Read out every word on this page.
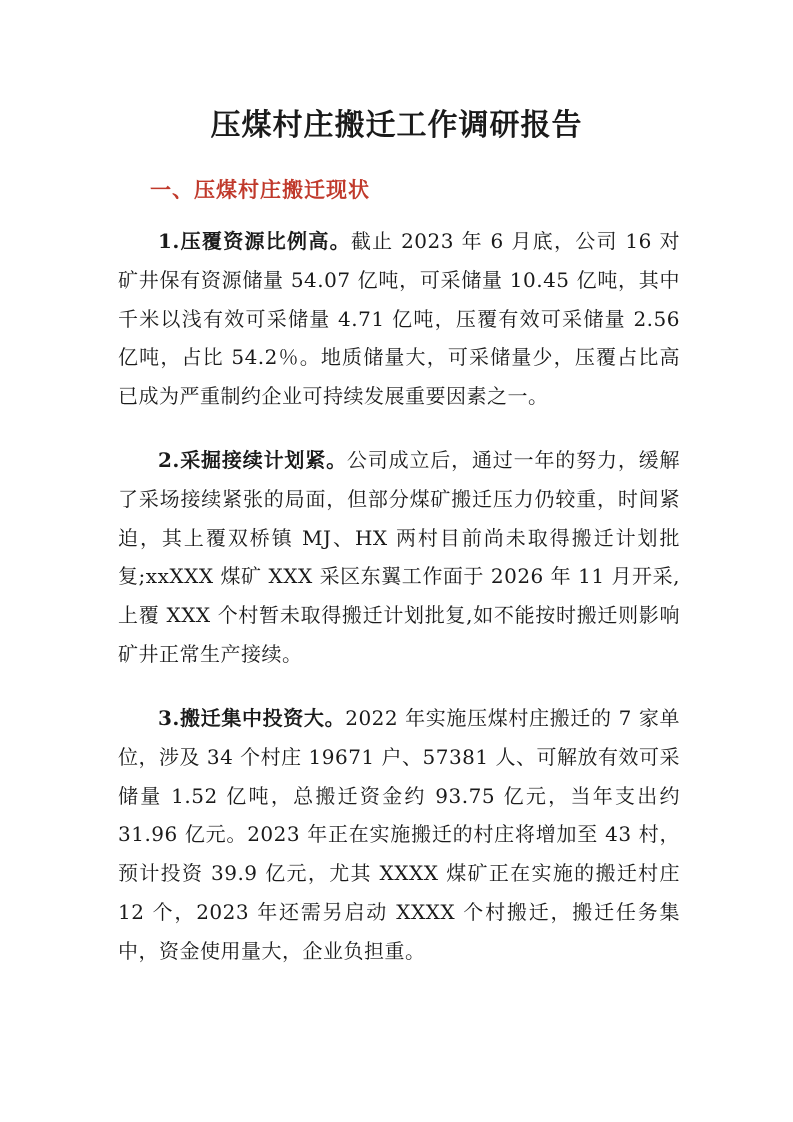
压煤村庄搬迁工作调研报告
一、压煤村庄搬迁现状

1.压覆资源比例高。截止 2023 年 6 月底，公司 16 对矿井保有资源储量 54.07 亿吨，可采储量 10.45 亿吨，其中千米以浅有效可采储量 4.71 亿吨，压覆有效可采储量 2.56 亿吨，占比 54.2％。地质储量大，可采储量少，压覆占比高已成为严重制约企业可持续发展重要因素之一。

2.采掘接续计划紧。公司成立后，通过一年的努力，缓解了采场接续紧张的局面，但部分煤矿搬迁压力仍较重，时间紧迫，其上覆双桥镇 MJ、HX 两村目前尚未取得搬迁计划批复;xxXXX 煤矿 XXX 采区东翼工作面于 2026 年 11 月开采,上覆 XXX 个村暂未取得搬迁计划批复,如不能按时搬迁则影响矿井正常生产接续。

3.搬迁集中投资大。2022 年实施压煤村庄搬迁的 7 家单位，涉及 34 个村庄 19671 户、57381 人、可解放有效可采储量 1.52 亿吨，总搬迁资金约 93.75 亿元，当年支出约 31.96 亿元。2023 年正在实施搬迁的村庄将增加至 43 村，预计投资 39.9 亿元，尤其 XXXX 煤矿正在实施的搬迁村庄 12 个，2023 年还需另启动 XXXX 个村搬迁，搬迁任务集中，资金使用量大，企业负担重。
